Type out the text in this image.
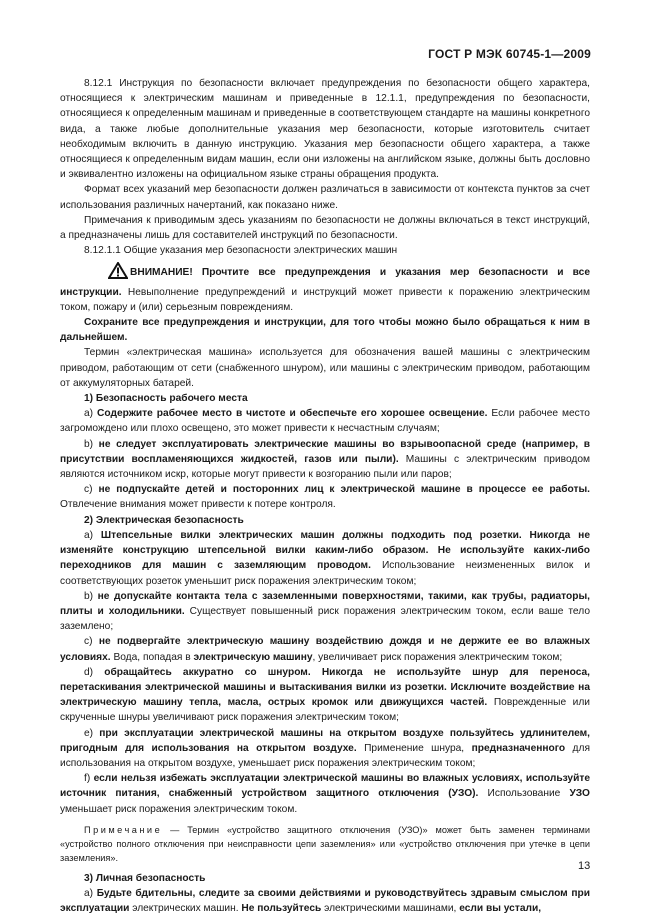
ГОСТ Р МЭК 60745-1—2009

8.12.1 Инструкция по безопасности включает предупреждения по безопасности общего характера, относящиеся к электрическим машинам и приведенные в 12.1.1, предупреждения по безопасности, относящиеся к определенным машинам и приведенные в соответствующем стандарте на машины конкретного вида, а также любые дополнительные указания мер безопасности, которые изготовитель считает необходимым включить в данную инструкцию. Указания мер безопасности общего характера, а также относящиеся к определенным видам машин, если они изложены на английском языке, должны быть дословно и эквивалентно изложены на официальном языке страны обращения продукта.

Формат всех указаний мер безопасности должен различаться в зависимости от контекста пунктов за счет использования различных начертаний, как показано ниже.

Примечания к приводимым здесь указаниям по безопасности не должны включаться в текст инструкций, а предназначены лишь для составителей инструкций по безопасности.

8.12.1.1 Общие указания мер безопасности электрических машин

ВНИМАНИЕ! Прочтите все предупреждения и указания мер безопасности и все инструкции. Невыполнение предупреждений и инструкций может привести к поражению электрическим током, пожару и (или) серьезным повреждениям.

Сохраните все предупреждения и инструкции, для того чтобы можно было обращаться к ним в дальнейшем.

Термин «электрическая машина» используется для обозначения вашей машины с электрическим приводом, работающим от сети (снабженного шнуром), или машины с электрическим приводом, работающим от аккумуляторных батарей.

1) Безопасность рабочего места

a) Содержите рабочее место в чистоте и обеспечьте его хорошее освещение. Если рабочее место загромождено или плохо освещено, это может привести к несчастным случаям;

b) не следует эксплуатировать электрические машины во взрывоопасной среде (например, в присутствии воспламеняющихся жидкостей, газов или пыли). Машины с электрическим приводом являются источником искр, которые могут привести к возгоранию пыли или паров;

c) не подпускайте детей и посторонних лиц к электрической машине в процессе ее работы. Отвлечение внимания может привести к потере контроля.

2) Электрическая безопасность

a) Штепсельные вилки электрических машин должны подходить под розетки. Никогда не изменяйте конструкцию штепсельной вилки каким-либо образом. Не используйте каких-либо переходников для машин с заземляющим проводом. Использование неизмененных вилок и соответствующих розеток уменьшит риск поражения электрическим током;

b) не допускайте контакта тела с заземленными поверхностями, такими, как трубы, радиаторы, плиты и холодильники. Существует повышенный риск поражения электрическим током, если ваше тело заземлено;

c) не подвергайте электрическую машину воздействию дождя и не держите ее во влажных условиях. Вода, попадая в электрическую машину, увеличивает риск поражения электрическим током;

d) обращайтесь аккуратно со шнуром. Никогда не используйте шнур для переноса, перетаскивания электрической машины и вытаскивания вилки из розетки. Исключите воздействие на электрическую машину тепла, масла, острых кромок или движущихся частей. Поврежденные или скрученные шнуры увеличивают риск поражения электрическим током;

e) при эксплуатации электрической машины на открытом воздухе пользуйтесь удлинителем, пригодным для использования на открытом воздухе. Применение шнура, предназначенного для использования на открытом воздухе, уменьшает риск поражения электрическим током;

f) если нельзя избежать эксплуатации электрической машины во влажных условиях, используйте источник питания, снабженный устройством защитного отключения (УЗО). Использование УЗО уменьшает риск поражения электрическим током.

Примечание — Термин «устройство защитного отключения (УЗО)» может быть заменен терминами «устройство полного отключения при неисправности цепи заземления» или «устройство отключения при утечке в цепи заземления».

3) Личная безопасность

a) Будьте бдительны, следите за своими действиями и руководствуйтесь здравым смыслом при эксплуатации электрических машин. Не пользуйтесь электрическими машинами, если вы устали,

13
